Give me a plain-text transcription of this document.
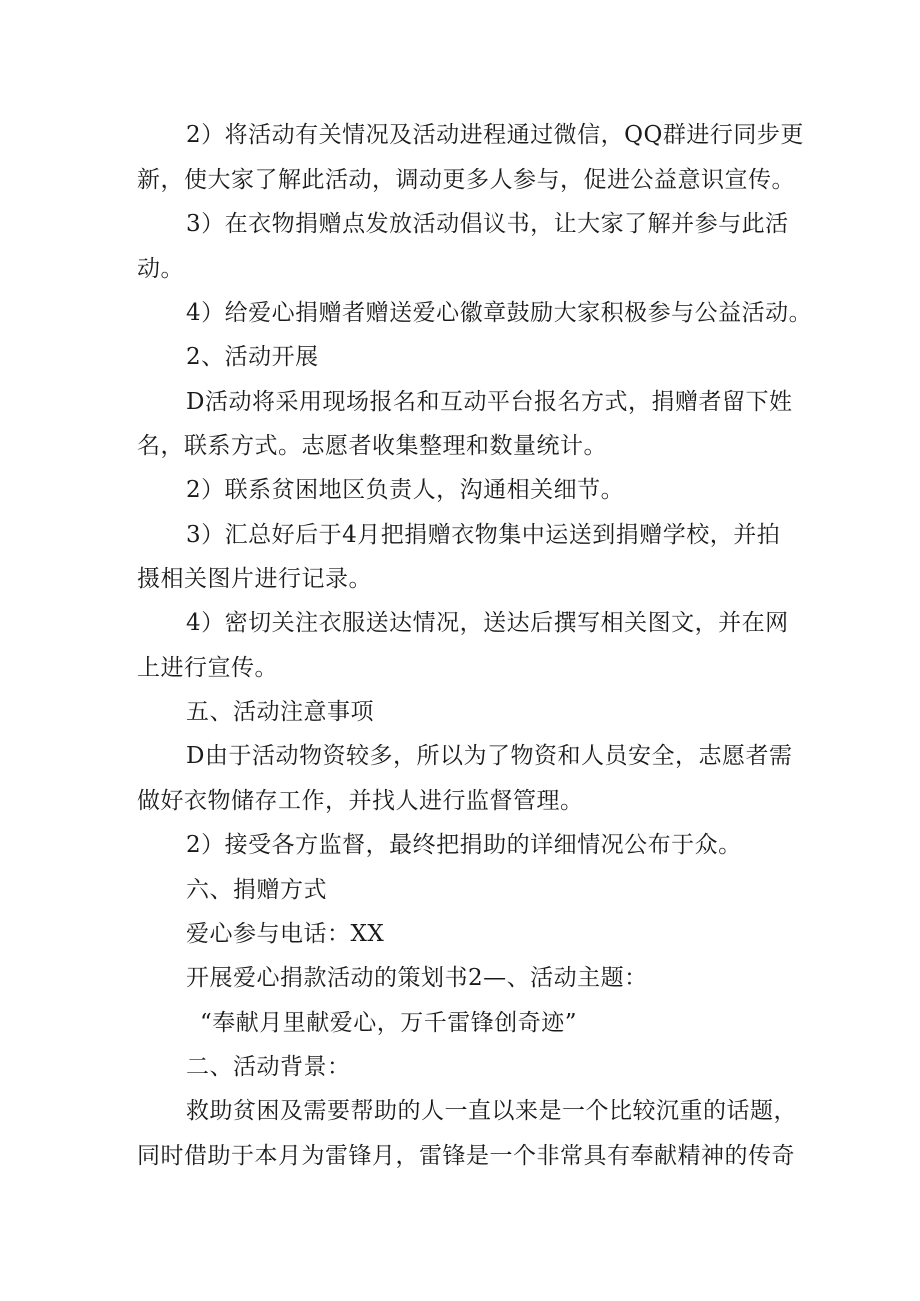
2）将活动有关情况及活动进程通过微信，QQ群进行同步更
新，使大家了解此活动，调动更多人参与，促进公益意识宣传。
3）在衣物捐赠点发放活动倡议书，让大家了解并参与此活
动。
4）给爱心捐赠者赠送爱心徽章鼓励大家积极参与公益活动。
2、活动开展
D活动将采用现场报名和互动平台报名方式，捐赠者留下姓
名，联系方式。志愿者收集整理和数量统计。
2）联系贫困地区负责人，沟通相关细节。
3）汇总好后于4月把捐赠衣物集中运送到捐赠学校，并拍
摄相关图片进行记录。
4）密切关注衣服送达情况，送达后撰写相关图文，并在网
上进行宣传。
五、活动注意事项
D由于活动物资较多，所以为了物资和人员安全，志愿者需
做好衣物储存工作，并找人进行监督管理。
2）接受各方监督，最终把捐助的详细情况公布于众。
六、捐赠方式
爱心参与电话：XX
开展爱心捐款活动的策划书2—、活动主题：
“奉献月里献爱心，万千雷锋创奇迹”
二、活动背景：
救助贫困及需要帮助的人一直以来是一个比较沉重的话题，
同时借助于本月为雷锋月，雷锋是一个非常具有奉献精神的传奇
